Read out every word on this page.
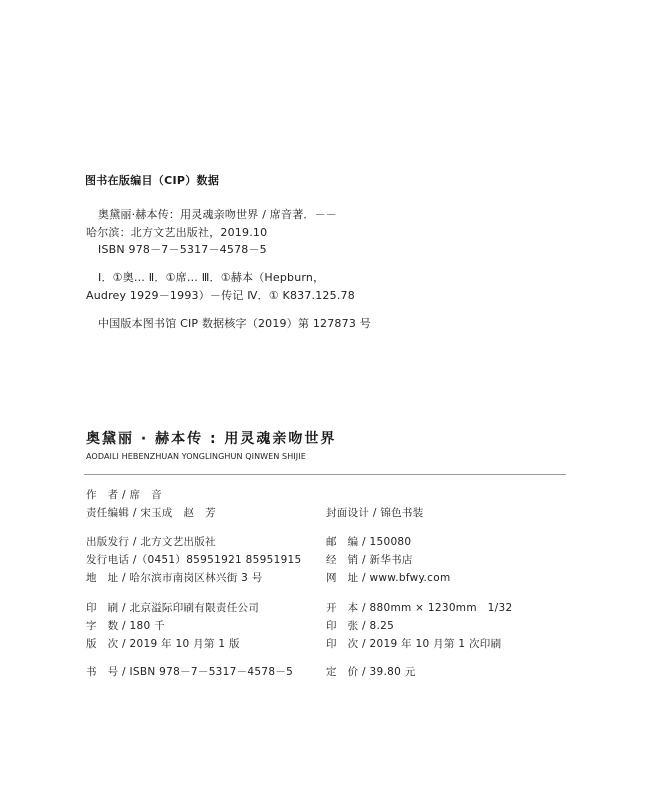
图书在版编目（CIP）数据
奥黛丽·赫本传：用灵魂亲吻世界 / 席音著．－－
哈尔滨：北方文艺出版社，2019.10
ISBN 978－7－5317－4578－5
Ⅰ．①奥… Ⅱ．①席… Ⅲ．①赫本（Hepburn，
Audrey 1929－1993）－传记 Ⅳ．① K837.125.78
中国版本图书馆 CIP 数据核字（2019）第 127873 号
奥黛丽 · 赫本传 : 用灵魂亲吻世界
AODAILI HEBENZHUAN YONGLINGHUN QINWEN SHIJIE
作　者 / 席　音
责任编辑 / 宋玉成　赵　芳
出版发行 / 北方文艺出版社
发行电话 /（0451）85951921 85951915
地　址 / 哈尔滨市南岗区林兴街 3 号
印　刷 / 北京溢际印刷有限责任公司
字　数 / 180 千
版　次 / 2019 年 10 月第 1 版
书　号 / ISBN 978－7－5317－4578－5
封面设计 / 锦色书装
邮　编 / 150080
经　销 / 新华书店
网　址 / www.bfwy.com
开　本 / 880mm × 1230mm　1/32
印　张 / 8.25
印　次 / 2019 年 10 月第 1 次印刷
定　价 / 39.80 元
